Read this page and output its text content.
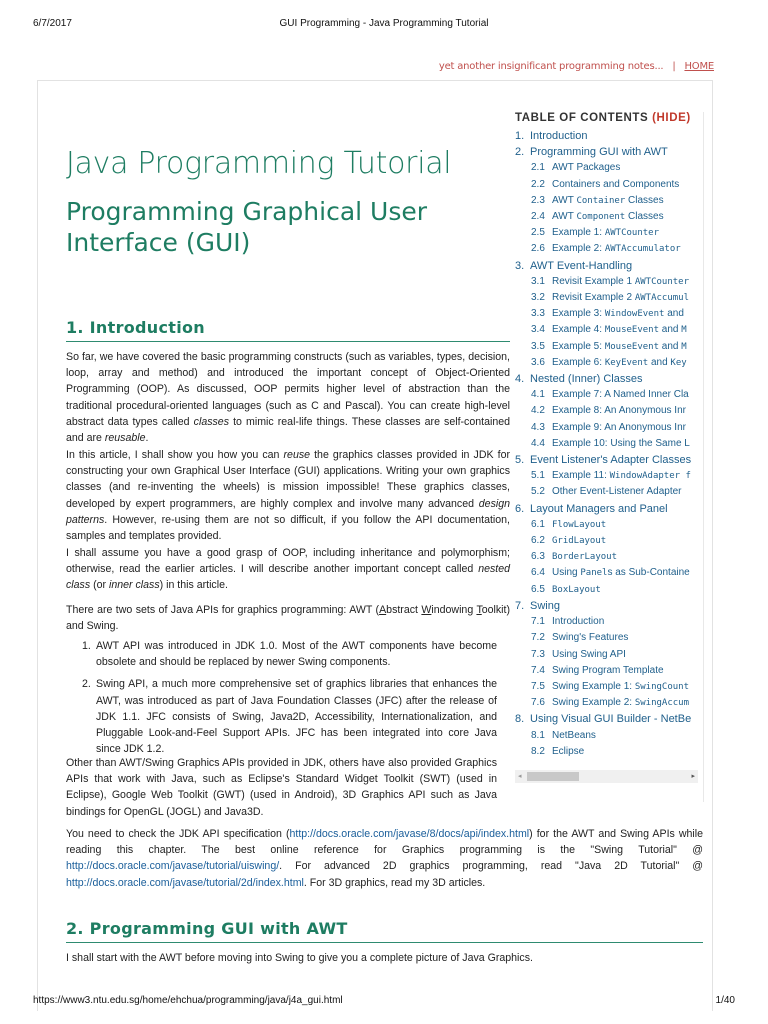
6/7/2017	GUI Programming - Java Programming Tutorial
yet another insignificant programming notes... | HOME
Java Programming Tutorial
Programming Graphical User Interface (GUI)
TABLE OF CONTENTS (HIDE)
1. Introduction
2. Programming GUI with AWT
2.1 AWT Packages
2.2 Containers and Components
2.3 AWT Container Classes
2.4 AWT Component Classes
2.5 Example 1: AWTCounter
2.6 Example 2: AWTAccumulator
3. AWT Event-Handling
3.1 Revisit Example 1 AWTCounter
3.2 Revisit Example 2 AWTAccumul
3.3 Example 3: WindowEvent and
3.4 Example 4: MouseEvent and M
3.5 Example 5: MouseEvent and M
3.6 Example 6: KeyEvent and Key
4. Nested (Inner) Classes
4.1 Example 7: A Named Inner Cla
4.2 Example 8: An Anonymous Inr
4.3 Example 9: An Anonymous Inr
4.4 Example 10: Using the Same L
5. Event Listener's Adapter Classes
5.1 Example 11: WindowAdapter f
5.2 Other Event-Listener Adapter
6. Layout Managers and Panel
6.1 FlowLayout
6.2 GridLayout
6.3 BorderLayout
6.4 Using Panels as Sub-Containe
6.5 BoxLayout
7. Swing
7.1 Introduction
7.2 Swing's Features
7.3 Using Swing API
7.4 Swing Program Template
7.5 Swing Example 1: SwingCount
7.6 Swing Example 2: SwingAccum
8. Using Visual GUI Builder - NetBe
8.1 NetBeans
8.2 Eclipse
◂	▸
1. Introduction
So far, we have covered the basic programming constructs (such as variables, types, decision, loop, array and method) and introduced the important concept of Object-Oriented Programming (OOP). As discussed, OOP permits higher level of abstraction than the traditional procedural-oriented languages (such as C and Pascal). You can create high-level abstract data types called classes to mimic real-life things. These classes are self-contained and are reusable.
In this article, I shall show you how you can reuse the graphics classes provided in JDK for constructing your own Graphical User Interface (GUI) applications. Writing your own graphics classes (and re-inventing the wheels) is mission impossible! These graphics classes, developed by expert programmers, are highly complex and involve many advanced design patterns. However, re-using them are not so difficult, if you follow the API documentation, samples and templates provided.
I shall assume you have a good grasp of OOP, including inheritance and polymorphism; otherwise, read the earlier articles. I will describe another important concept called nested class (or inner class) in this article.
There are two sets of Java APIs for graphics programming: AWT (Abstract Windowing Toolkit) and Swing.
1. AWT API was introduced in JDK 1.0. Most of the AWT components have become obsolete and should be replaced by newer Swing components.
2. Swing API, a much more comprehensive set of graphics libraries that enhances the AWT, was introduced as part of Java Foundation Classes (JFC) after the release of JDK 1.1. JFC consists of Swing, Java2D, Accessibility, Internationalization, and Pluggable Look-and-Feel Support APIs. JFC has been integrated into core Java since JDK 1.2.
Other than AWT/Swing Graphics APIs provided in JDK, others have also provided Graphics APIs that work with Java, such as Eclipse's Standard Widget Toolkit (SWT) (used in Eclipse), Google Web Toolkit (GWT) (used in Android), 3D Graphics API such as Java bindings for OpenGL (JOGL) and Java3D.
You need to check the JDK API specification (http://docs.oracle.com/javase/8/docs/api/index.html) for the AWT and Swing APIs while reading this chapter. The best online reference for Graphics programming is the "Swing Tutorial" @ http://docs.oracle.com/javase/tutorial/uiswing/. For advanced 2D graphics programming, read "Java 2D Tutorial" @ http://docs.oracle.com/javase/tutorial/2d/index.html. For 3D graphics, read my 3D articles.
2. Programming GUI with AWT
I shall start with the AWT before moving into Swing to give you a complete picture of Java Graphics.
https://www3.ntu.edu.sg/home/ehchua/programming/java/j4a_gui.html	1/40
